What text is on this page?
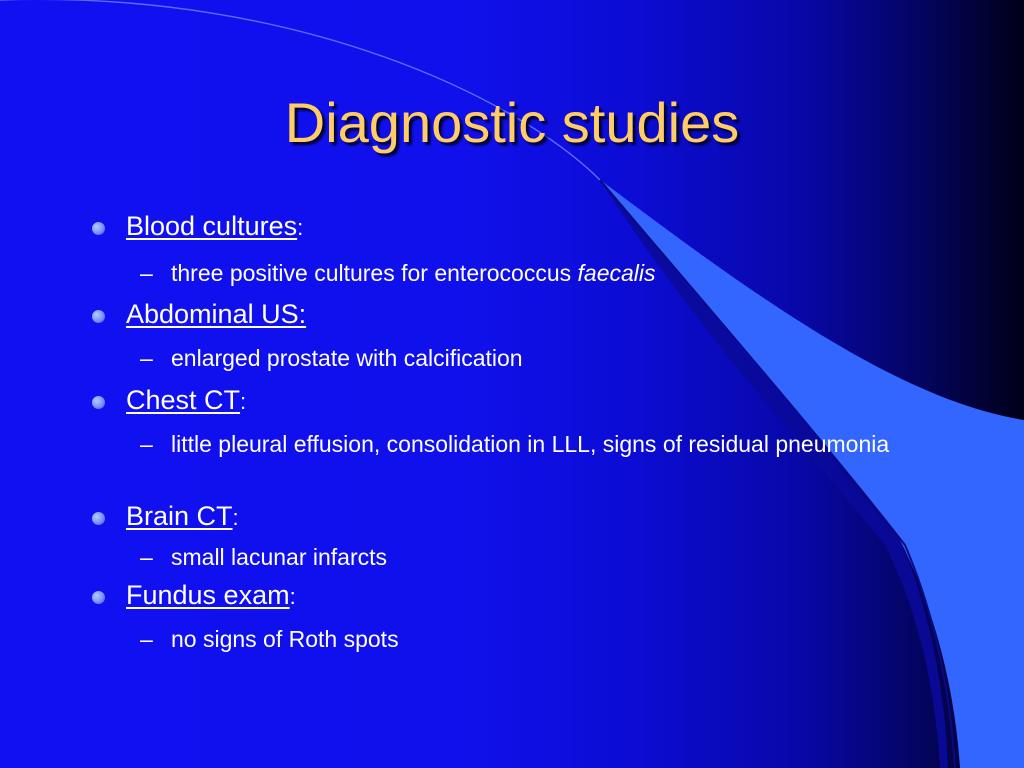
Diagnostic studies
Blood cultures:
– three positive cultures for enterococcus faecalis
Abdominal US:
– enlarged prostate with calcification
Chest CT:
– little pleural effusion, consolidation in LLL, signs of residual pneumonia
Brain CT:
– small lacunar infarcts
Fundus exam:
– no signs of Roth spots
